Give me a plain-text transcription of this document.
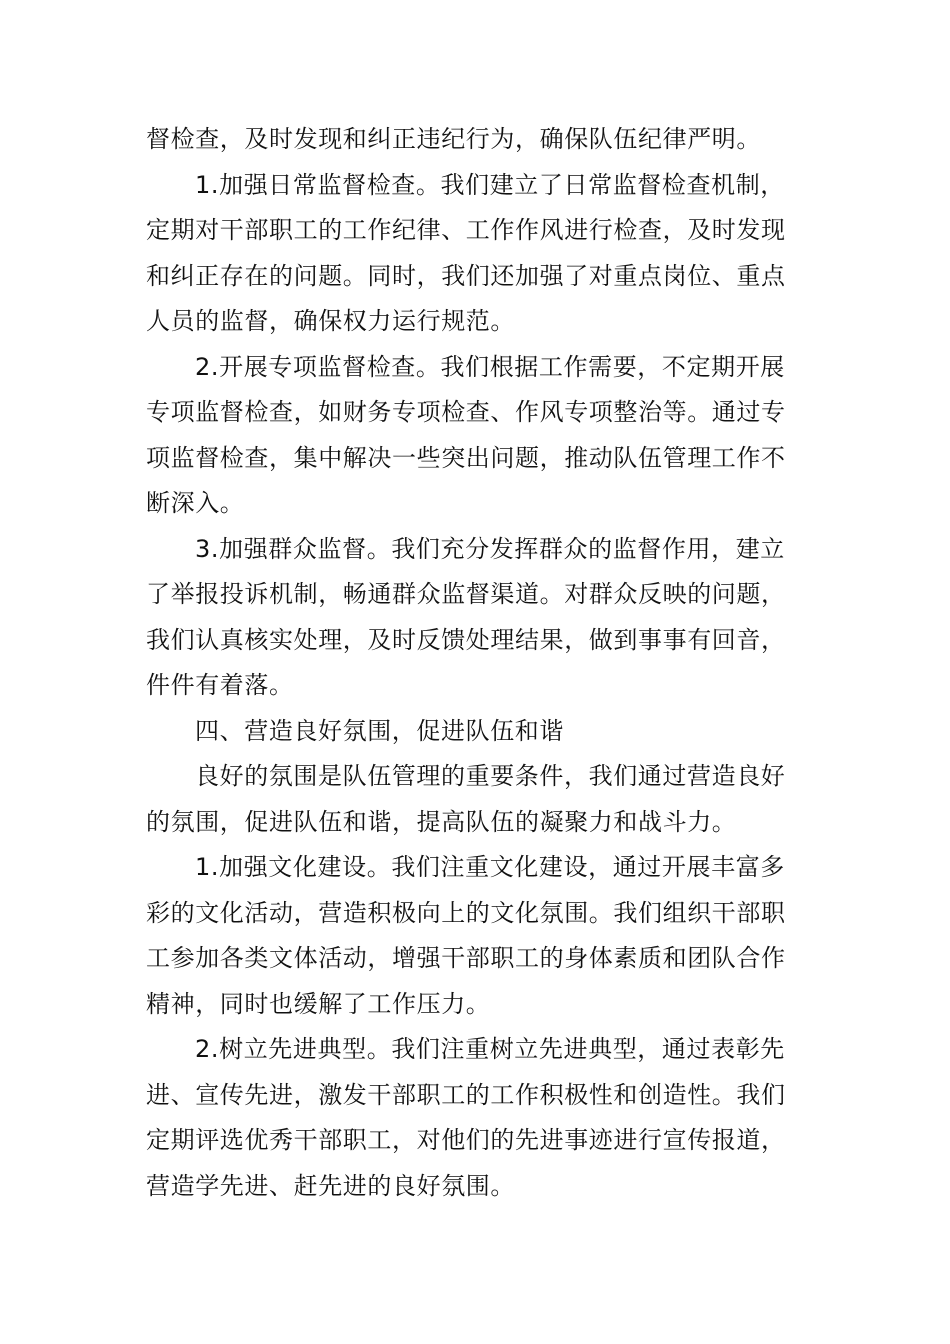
督检查，及时发现和纠正违纪行为，确保队伍纪律严明。
1.加强日常监督检查。我们建立了日常监督检查机制，
定期对干部职工的工作纪律、工作作风进行检查，及时发现
和纠正存在的问题。同时，我们还加强了对重点岗位、重点
人员的监督，确保权力运行规范。
2.开展专项监督检查。我们根据工作需要，不定期开展
专项监督检查，如财务专项检查、作风专项整治等。通过专
项监督检查，集中解决一些突出问题，推动队伍管理工作不
断深入。
3.加强群众监督。我们充分发挥群众的监督作用，建立
了举报投诉机制，畅通群众监督渠道。对群众反映的问题，
我们认真核实处理，及时反馈处理结果，做到事事有回音，
件件有着落。
四、营造良好氛围，促进队伍和谐
良好的氛围是队伍管理的重要条件，我们通过营造良好
的氛围，促进队伍和谐，提高队伍的凝聚力和战斗力。
1.加强文化建设。我们注重文化建设，通过开展丰富多
彩的文化活动，营造积极向上的文化氛围。我们组织干部职
工参加各类文体活动，增强干部职工的身体素质和团队合作
精神，同时也缓解了工作压力。
2.树立先进典型。我们注重树立先进典型，通过表彰先
进、宣传先进，激发干部职工的工作积极性和创造性。我们
定期评选优秀干部职工，对他们的先进事迹进行宣传报道，
营造学先进、赶先进的良好氛围。
